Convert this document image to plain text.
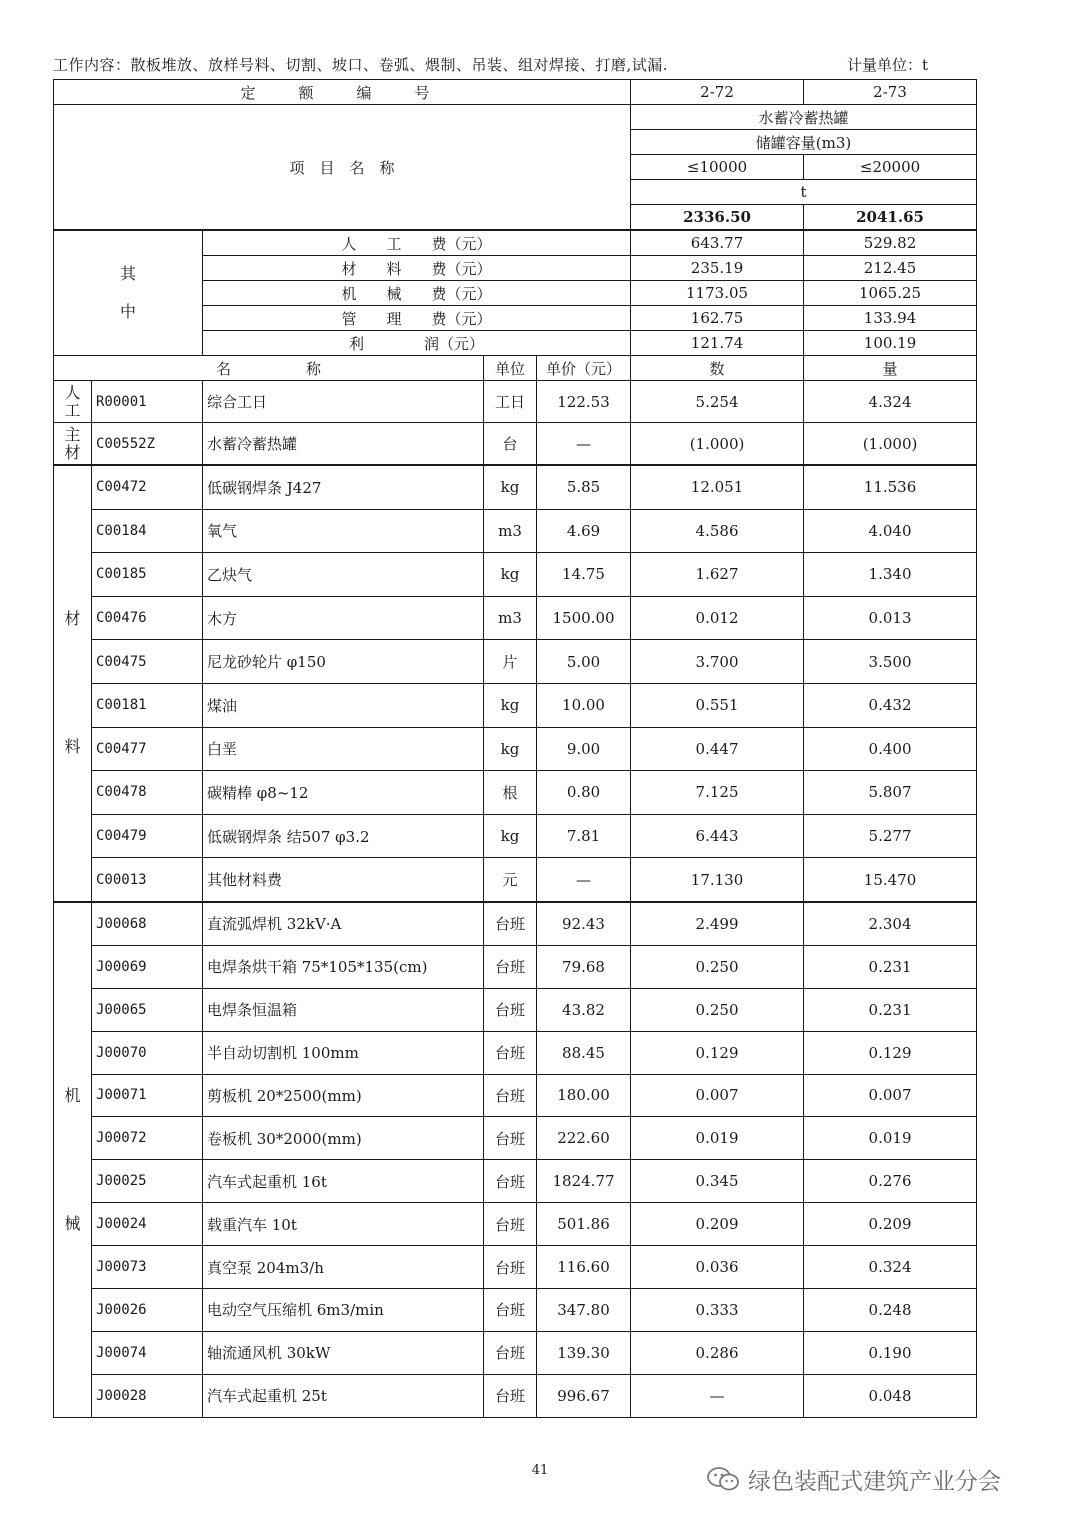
工作内容：散板堆放、放样号料、切割、坡口、卷弧、煨制、吊装、组对焊接、打磨,试漏.	计量单位：t
定　额　编　号					2-72	2-73
项　目　名　称					水蓄冷蓄热罐	
					储罐容量(m3)	
					≤10000	≤20000
					t	
					2336.50	2041.65

其
中		人　　工　　费（元）			643.77	529.82
		材　　料　　费（元）			235.19	212.45
		机　　械　　费（元）			1173.05	1065.25
		管　　理　　费（元）			162.75	133.94
		利　　　　润（元）			121.74	100.19
名　　　　　称			单位	单价（元）	数	量

人
工	R00001	综合工日	工日	122.53	5.254	4.324

主
材	C00552Z	水蓄冷蓄热罐	台	—	(1.000)	(1.000)

材
料	C00472	低碳钢焊条 J427	kg	5.85	12.051	11.536
	C00184	氧气	m3	4.69	4.586	4.040
	C00185	乙炔气	kg	14.75	1.627	1.340
	C00476	木方	m3	1500.00	0.012	0.013
	C00475	尼龙砂轮片 φ150	片	5.00	3.700	3.500
	C00181	煤油	kg	10.00	0.551	0.432
	C00477	白垩	kg	9.00	0.447	0.400
	C00478	碳精棒 φ8~12	根	0.80	7.125	5.807
	C00479	低碳钢焊条 结507 φ3.2	kg	7.81	6.443	5.277
	C00013	其他材料费	元	—	17.130	15.470

机
械	J00068	直流弧焊机 32kV·A	台班	92.43	2.499	2.304
	J00069	电焊条烘干箱 75*105*135(cm)	台班	79.68	0.250	0.231
	J00065	电焊条恒温箱	台班	43.82	0.250	0.231
	J00070	半自动切割机 100mm	台班	88.45	0.129	0.129
	J00071	剪板机 20*2500(mm)	台班	180.00	0.007	0.007
	J00072	卷板机 30*2000(mm)	台班	222.60	0.019	0.019
	J00025	汽车式起重机 16t	台班	1824.77	0.345	0.276
	J00024	载重汽车 10t	台班	501.86	0.209	0.209
	J00073	真空泵 204m3/h	台班	116.60	0.036	0.324
	J00026	电动空气压缩机 6m3/min	台班	347.80	0.333	0.248
	J00074	轴流通风机 30kW	台班	139.30	0.286	0.190
	J00028	汽车式起重机 25t	台班	996.67	—	0.048
41	绿色装配式建筑产业分会
